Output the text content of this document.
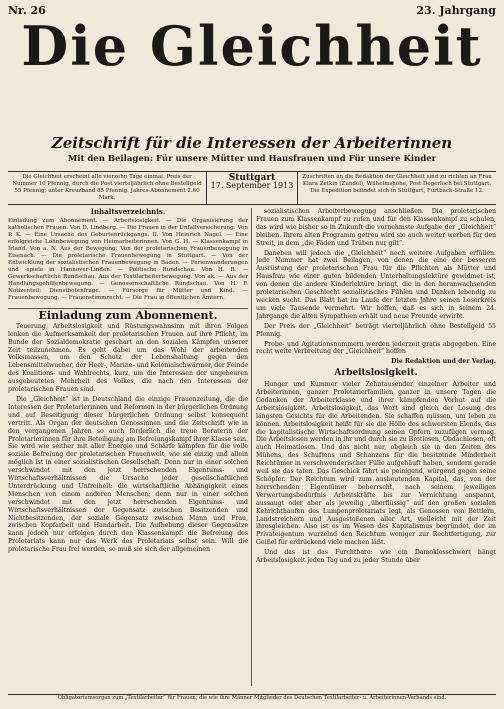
Nr. 26	23. Jahrgang
Die Gleichheit
Zeitschrift für die Interessen der Arbeiterinnen
Mit den Beilagen: Für unsere Mütter und Hausfrauen und Für unsere Kinder
Die Gleichheit erscheint alle vierzehn Tage einmal. Preis der Nummer 10 Pfennig, durch die Post vierteljährlich ohne Bestellgeld 55 Pfennig; unter Kreuzband 85 Pfennig. Jahres-Abonnement 2.60 Mark.
Stuttgart
17. September 1913
Zuschriften an die Redaktion der Gleichheit sind zu richten an Frau Klara Zetkin (Zundel), Wilhelmshöhe, Post Degerloch bei Stuttgart. Die Expedition befindet sich in Stuttgart, Furtbach-Straße 12.
Inhaltsverzeichnis.
Einladung zum Abonnement. — Arbeitslosigkeit. — Die Organisierung der katholischen Frauen. Von D. Lindberg. — Die Frauen in der Unfallversicherung. Von P. K. — Eine Ursache des Geburtenrückgangs. II. Von Heinrich Nagel. — Eine erfolgreiche Lohnbewegung von Heimarbeiterinnen. Von G. H. — Klassenkampf in Irland. Von a. N. Aus der Bewegung: Von der proletarischen Frauenbewegung in Eisenach. — Die proletarische Frauenbewegung in Stuttgart. — Von der Entwicklung der sozialistischen Frauenbewegung in Baden. — Ferienwanderungen und -spiele in Hannover-Linden. — Politische Rundschau. Von H. B. — Gewerkschaftliche Rundschau. Aus der Textilarbeiterbewegung. Von ak. — Aus der Handlungsgehilfenbewegung. — Genossenschaftliche Rundschau. Von H. F. Notizenteil: Dienstbotenfrage. — Fürsorge für Mütter und Kind. — Frauenbewegung. — Frauenstimmrecht. — Die Frau in öffentlichen Ämtern.
Einladung zum Abonnement.

Teuerung, Arbeitslosigkeit und Rüstungswahnsinn mit ihren Folgen lenken die Aufmerksamkeit der proletarischen Frauen auf ihre Pflicht, im Bunde der Sozialdemokratie geschart an den sozialen Kämpfen unserer Zeit teilzunehmen. Es geht dabei um das Wohl der arbeitenden Volksmassen, um den Schutz der Lebenshaltung gegen den Lebensmittelwucher, der Heer-, Marine- und Kolonialschwärmer, der Feinde des Koalitions- und Wahlrechts, kurz, um die Interessen der ungeheuren ausgebeuteten Mehrheit des Volkes, die nach den Interessen der proletarischen Frauen sind.

Die „Gleichheit“ ist in Deutschland die einzige Frauenzeitung, die die Interessen der Proletarierinnen und Reformen in der bürgerlichen Ordnung und auf Beseitigung dieser bürgerlichen Ordnung selbst konsequent vertritt. Als Organ der deutschen Genossinnen und die Zeitschrift wie in den vergangenen Jahren so auch förderlich die treue Beraterin der Proletarierinnen für ihre Beteiligung am Befreiungskampf ihrer Klasse sein. Sie wird wie seither mit aller Energie und Schärfe kämpfen für die volle soziale Befreiung der proletarischen Frauenwelt, wie sie einzig und allein möglich ist in einer sozialistischen Gesellschaft. Denn nur in einer solchen verschwindet mit den jetzt herrschenden Eigentums- und Wirtschaftsverhältnissen die Ursache jeder gesellschaftlichen Unterdrückung und Unfreiheit: die wirtschaftliche Abhängigkeit eines Menschen von einem anderen Menschen; denn nur in einer solchen verschwindet mit den jetzt herrschenden Eigentums- und Wirtschaftsverhältnissen der Gegensatz zwischen Besitzenden und Nichtbesitzenden, der soziale Gegensatz zwischen Mann und Frau, zwischen Kopfarbeit und Handarbeit. Die Aufhebung dieser Gegensätze kann jedoch nur erfolgen durch den Klassenkampf: die Befreiung des Proletariats kann nur das Werk des Proletariats selbst sein. Will die proletarische Frau frei werden, so muß sie sich der allgemeinen

sozialistischen Arbeiterbewegung anschließen. Die proletarischen Frauen zum Klassenkampf zu rufen und für den Klassenkampf zu schulen, das wird wie bisher so in Zukunft die vornehmste Aufgabe der „Gleichheit“ bleiben. Ihrem alten Programm getreu wird sie auch weiter werben für den Streit, in dem „die Fäden und Trüben nur gilt“.

Daneben will jedoch die „Gleichheit“ noch weitere Aufgaben erfüllen. Jede Nummer hat zwei Beilagen, von denen die eine der besseren Ausrüstung der proletarischen Frau für die Pflichten als Mütter und Hausfrau wie einer guten bildenden Unterhaltungslektüre gewidmet ist, von denen die andere Kinderlektüre bringt, die in den heranwachsenden proletarischen Geschlecht sozialistisches Fühlen und Denken lebendig zu wecken sucht. Das Blatt hat im Laufe der letzten Jahre seinen Leserkreis um viele Tausende vermehrt. Wir hoffen, daß es sich in seinem 24. Jahrgange die alten Sympathien erhält und neue Freunde erwirbt.

Der Preis der „Gleichheit“ beträgt vierteljährlich ohne Bestellgeld 55 Pfennig.

Probe- und Agitationsnummern werden jederzeit gratis abgegeben. Eine recht weite Verbreitung der „Gleichheit“ hoffen

Die Redaktion und der Verlag.
Arbeitslosigkeit.

Hunger und Kummer vieler Zehntausender einzelner Arbeiter und Arbeiterinnen, ganzer Proletarierfamilien ganzer in unsere Tagen die Gedanken der Arbeiterklasse und ihrer kämpfenden Vorhut auf die Arbeitslosigkeit. Arbeitslosigkeit, das Wort sind gleich der Losung des längsten Gesichts für die Arbeitenden. Sie schaffen müssen, um leben zu können. Arbeitslosigkeit heißt für sie die Hölle des schwersten Elends, das die kapitalistische Wirtschaftsordnung seinen Opfern zuzufügen vermag. Die Arbeitslosen werden in ihr und durch sie zu Brotlosen, Obdachlosen, oft auch Heimatlosen. Und das nicht nur, obgleich sie in den Zeiten des Mühens, des Schuftens und Schanzens für die besitzende Minderheit Reichtümer in verschwenderischer Fülle aufgehäuft haben, sondern gerade weil sie das taten. Das Geschick fährt sie peinigend, würgend gegen seine Schöpfer. Der Reichtum wird zum ausbeutenden Kapital, das, von der herrschenden Eigentümer beherrscht, nach seinem jeweiligen Verwertungsbedürfnis Arbeitskräfte bis zur Vernichtung anspannt, aussaugt oder aber als jeweilig „überflüssig“ auf den großen sozialen Kehrichthaufen des Lumpenproletariats legt, als Genossen von Bettlern, Landstreichern und Ausgestoßenen aller Art, vielleicht mit der Zeit ihresgleichen. Also ist es im Wesen des Kapitalismus begründet, der im Privateigentum wurzelnd den Reichtum weniger zur Rechtfertigung, zur Geißel für erdrückend viele machen läßt.

Und das ist das Furchtbare: wie ein Damoklesschwert hängt Arbeitslosigkeit jeden Tag und zu jeder Stunde über

Obligatoriumsorgan zum „Textilarbeiter“ für Frauen, die wie ihre Männer Mitglieder des Deutschen Textilarbeiter- u. Arbeiterinnen-Verbands sind.
